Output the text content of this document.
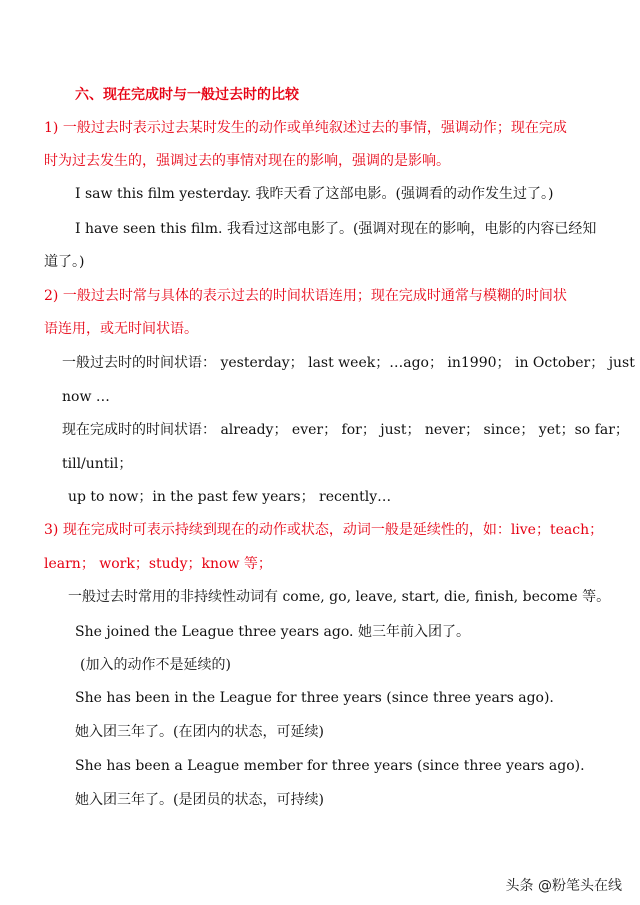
六、现在完成时与一般过去时的比较
1) 一般过去时表示过去某时发生的动作或单纯叙述过去的事情，强调动作；现在完成
时为过去发生的，强调过去的事情对现在的影响，强调的是影响。
I saw this film yesterday. 我昨天看了这部电影。(强调看的动作发生过了。)
I have seen this film. 我看过这部电影了。(强调对现在的影响，电影的内容已经知
道了。)
2) 一般过去时常与具体的表示过去的时间状语连用；现在完成时通常与模糊的时间状
语连用，或无时间状语。
一般过去时的时间状语： yesterday； last week；…ago； in1990； in October； just
now …
现在完成时的时间状语： already； ever； for； just； never； since； yet；so far；
till/until；
up to now；in the past few years； recently…
3) 现在完成时可表示持续到现在的动作或状态，动词一般是延续性的，如：live；teach；
learn； work；study；know 等；
一般过去时常用的非持续性动词有 come, go, leave, start, die, finish, become 等。
She joined the League three years ago. 她三年前入团了。
(加入的动作不是延续的)
She has been in the League for three years (since three years ago).
她入团三年了。(在团内的状态，可延续)
She has been a League member for three years (since three years ago).
她入团三年了。(是团员的状态，可持续)
头条 @粉笔头在线
